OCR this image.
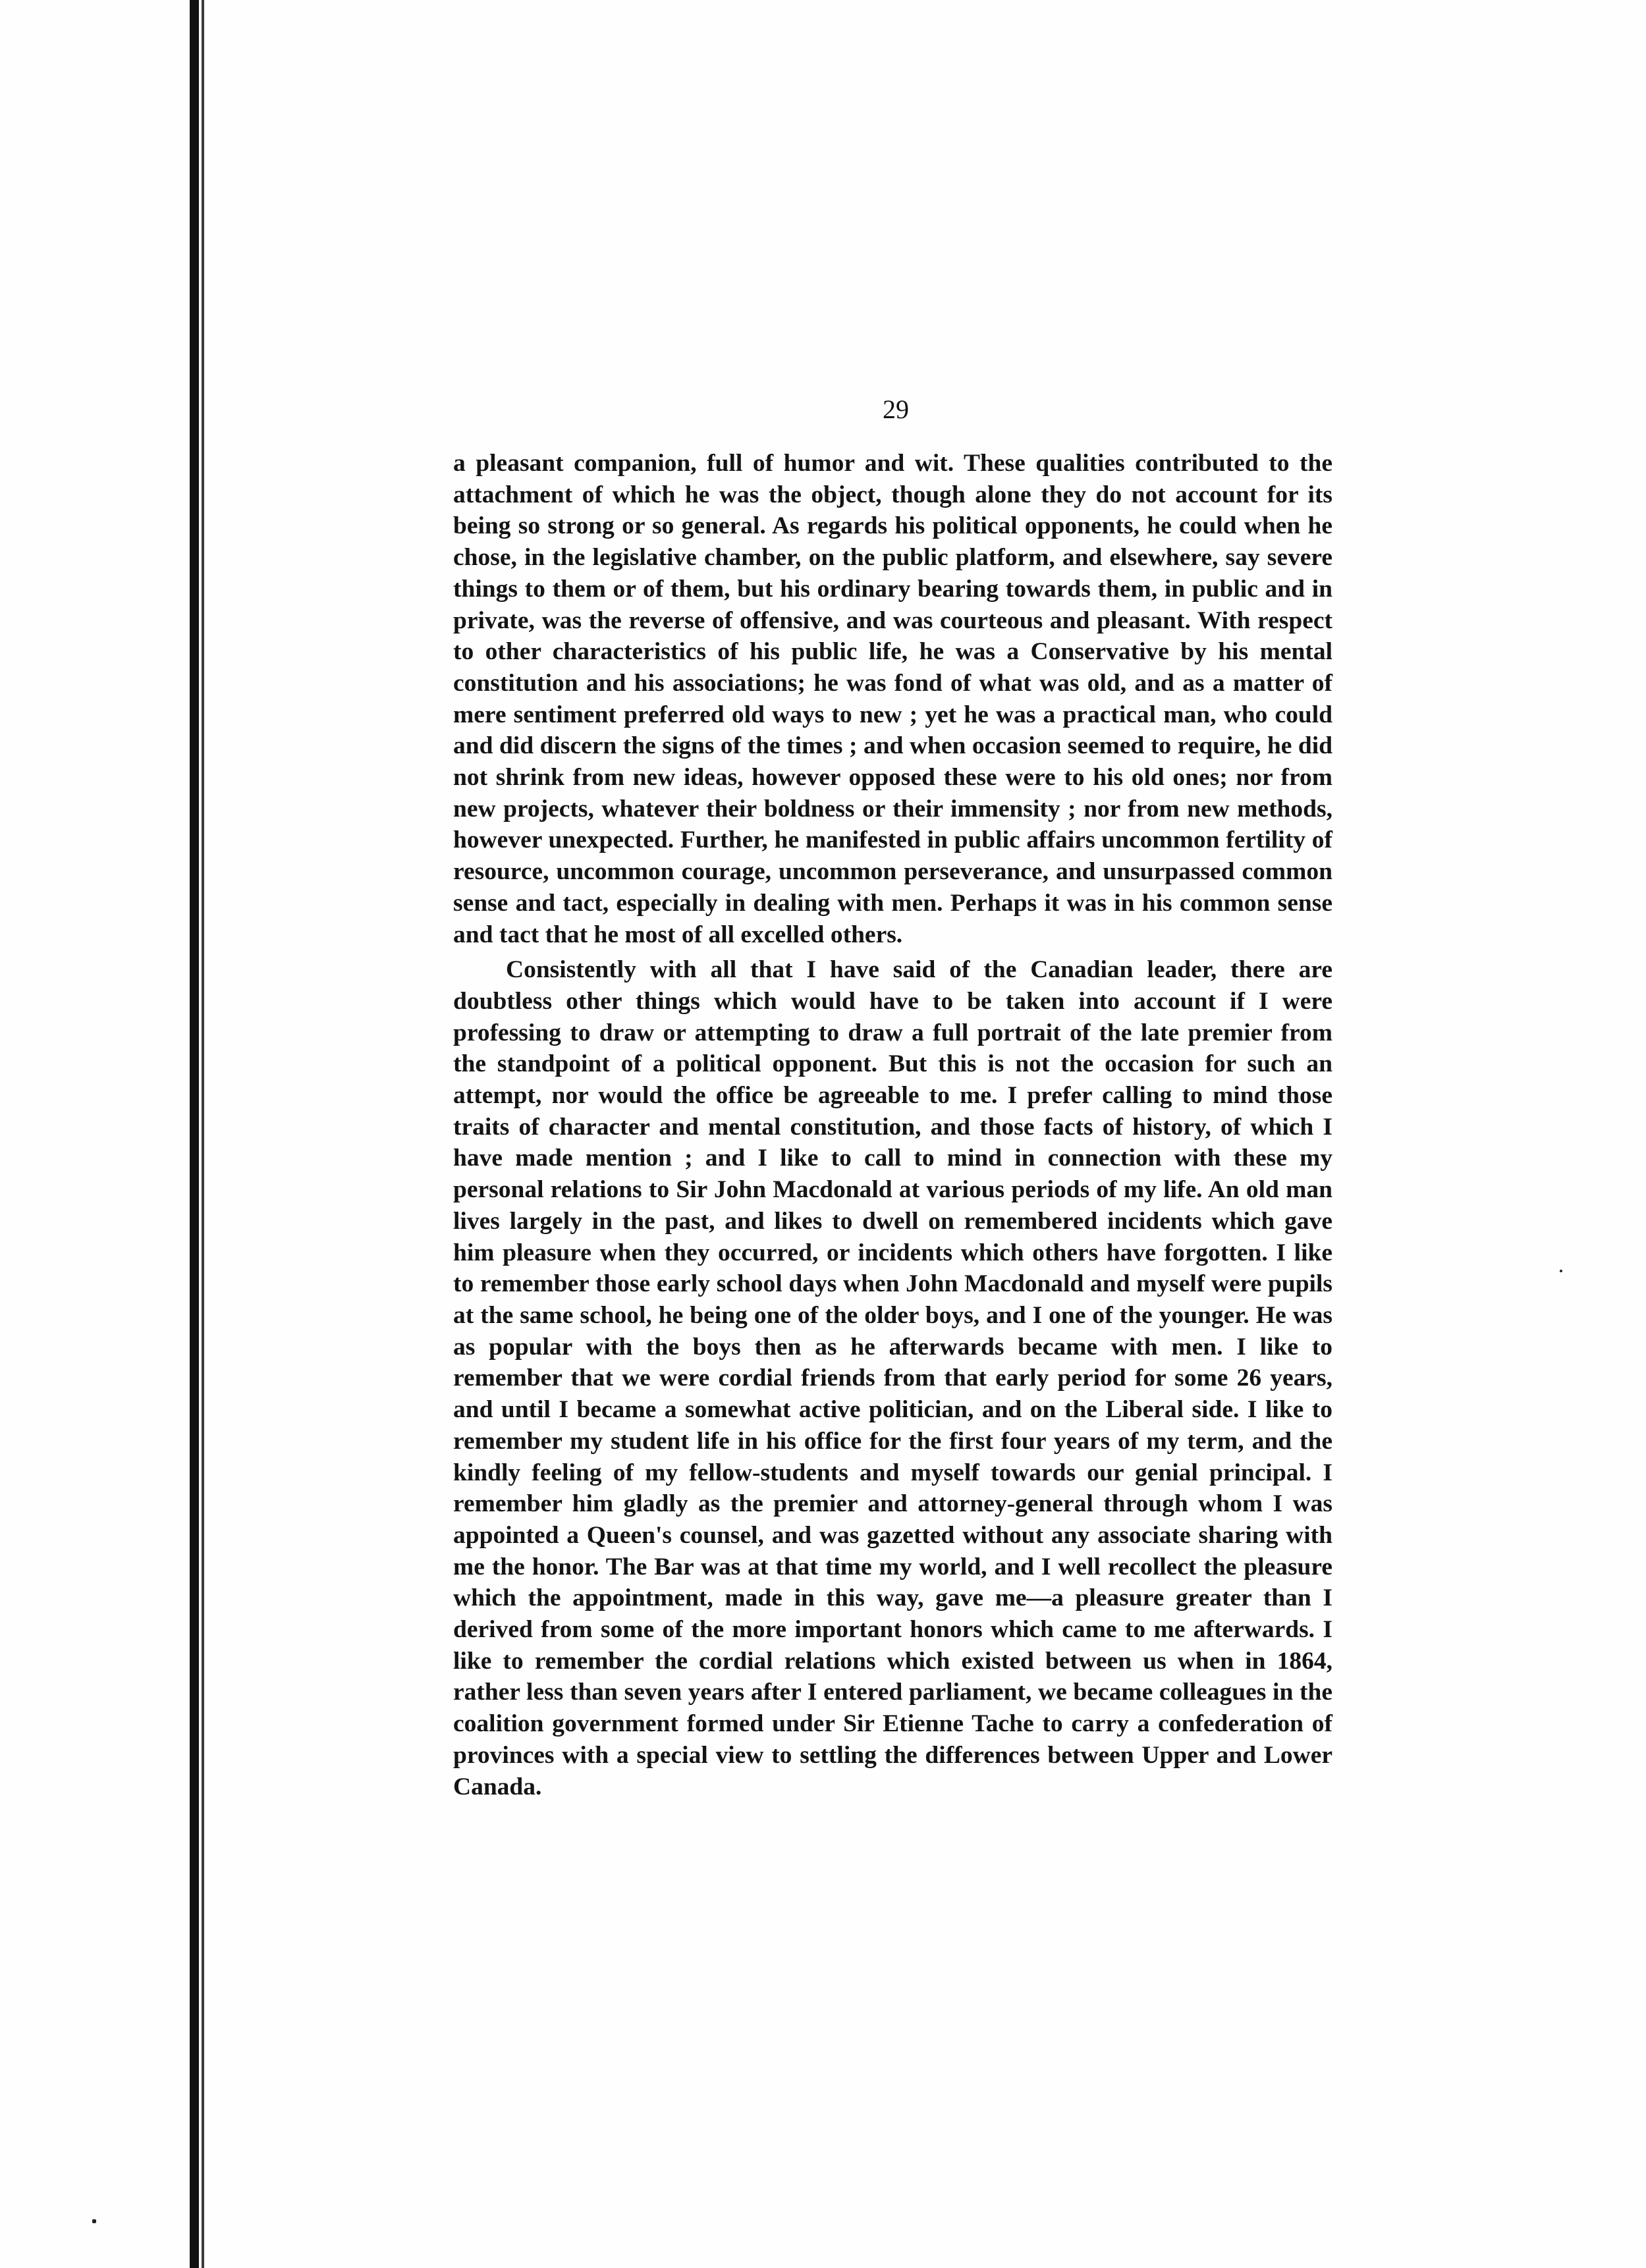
29

a pleasant companion, full of humor and wit. These qualities contributed to the attachment of which he was the object, though alone they do not account for its being so strong or so general. As regards his political opponents, he could when he chose, in the legislative chamber, on the public platform, and elsewhere, say severe things to them or of them, but his ordinary bearing towards them, in public and in private, was the reverse of offensive, and was courteous and pleasant. With respect to other characteristics of his public life, he was a Conservative by his mental constitution and his associations; he was fond of what was old, and as a matter of mere sentiment preferred old ways to new ; yet he was a practical man, who could and did discern the signs of the times ; and when occasion seemed to require, he did not shrink from new ideas, however opposed these were to his old ones; nor from new projects, whatever their boldness or their immensity ; nor from new methods, however unexpected. Further, he manifested in public affairs uncommon fertility of resource, uncommon courage, uncommon perseverance, and unsurpassed common sense and tact, especially in dealing with men. Perhaps it was in his common sense and tact that he most of all excelled others.

Consistently with all that I have said of the Canadian leader, there are doubtless other things which would have to be taken into account if I were professing to draw or attempting to draw a full portrait of the late premier from the standpoint of a political opponent. But this is not the occasion for such an attempt, nor would the office be agreeable to me. I prefer calling to mind those traits of character and mental constitution, and those facts of history, of which I have made mention ; and I like to call to mind in connection with these my personal relations to Sir John Macdonald at various periods of my life. An old man lives largely in the past, and likes to dwell on remembered incidents which gave him pleasure when they occurred, or incidents which others have forgotten. I like to remember those early school days when John Macdonald and myself were pupils at the same school, he being one of the older boys, and I one of the younger. He was as popular with the boys then as he afterwards became with men. I like to remember that we were cordial friends from that early period for some 26 years, and until I became a somewhat active politician, and on the Liberal side. I like to remember my student life in his office for the first four years of my term, and the kindly feeling of my fellow-students and myself towards our genial principal. I remember him gladly as the premier and attorney-general through whom I was appointed a Queen's counsel, and was gazetted without any associate sharing with me the honor. The Bar was at that time my world, and I well recollect the pleasure which the appointment, made in this way, gave me—a pleasure greater than I derived from some of the more important honors which came to me afterwards. I like to remember the cordial relations which existed between us when in 1864, rather less than seven years after I entered parliament, we became colleagues in the coalition government formed under Sir Etienne Tache to carry a confederation of provinces with a special view to settling the differences between Upper and Lower Canada.
